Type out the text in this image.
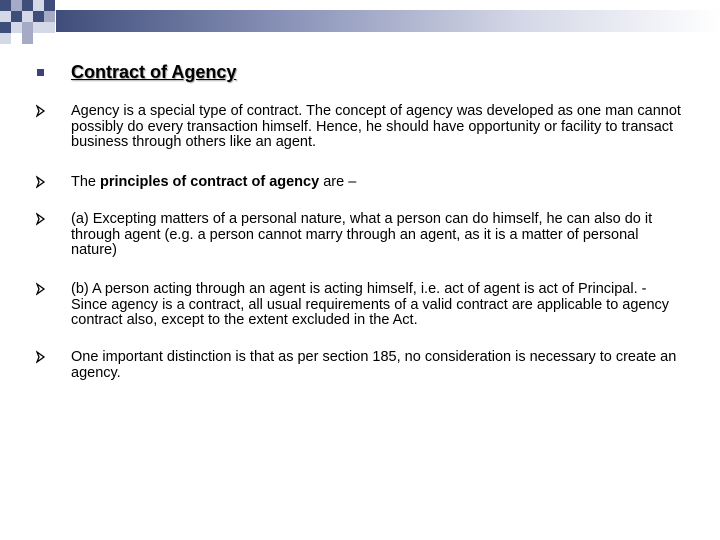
Contract of Agency
Agency is a special type of contract. The concept of agency was developed as one man cannot possibly do every transaction himself. Hence, he should have opportunity or facility to transact business through others like an agent.
The principles of contract of agency are –
(a) Excepting matters of a personal nature, what a person can do himself, he can also do it through agent (e.g. a person cannot marry through an agent, as it is a matter of personal nature)
(b) A person acting through an agent is acting himself, i.e. act of agent is act of Principal. - Since agency is a contract, all usual requirements of a valid contract are applicable to agency contract also, except to the extent excluded in the Act.
One important distinction is that as per section 185, no consideration is necessary to create an agency.
